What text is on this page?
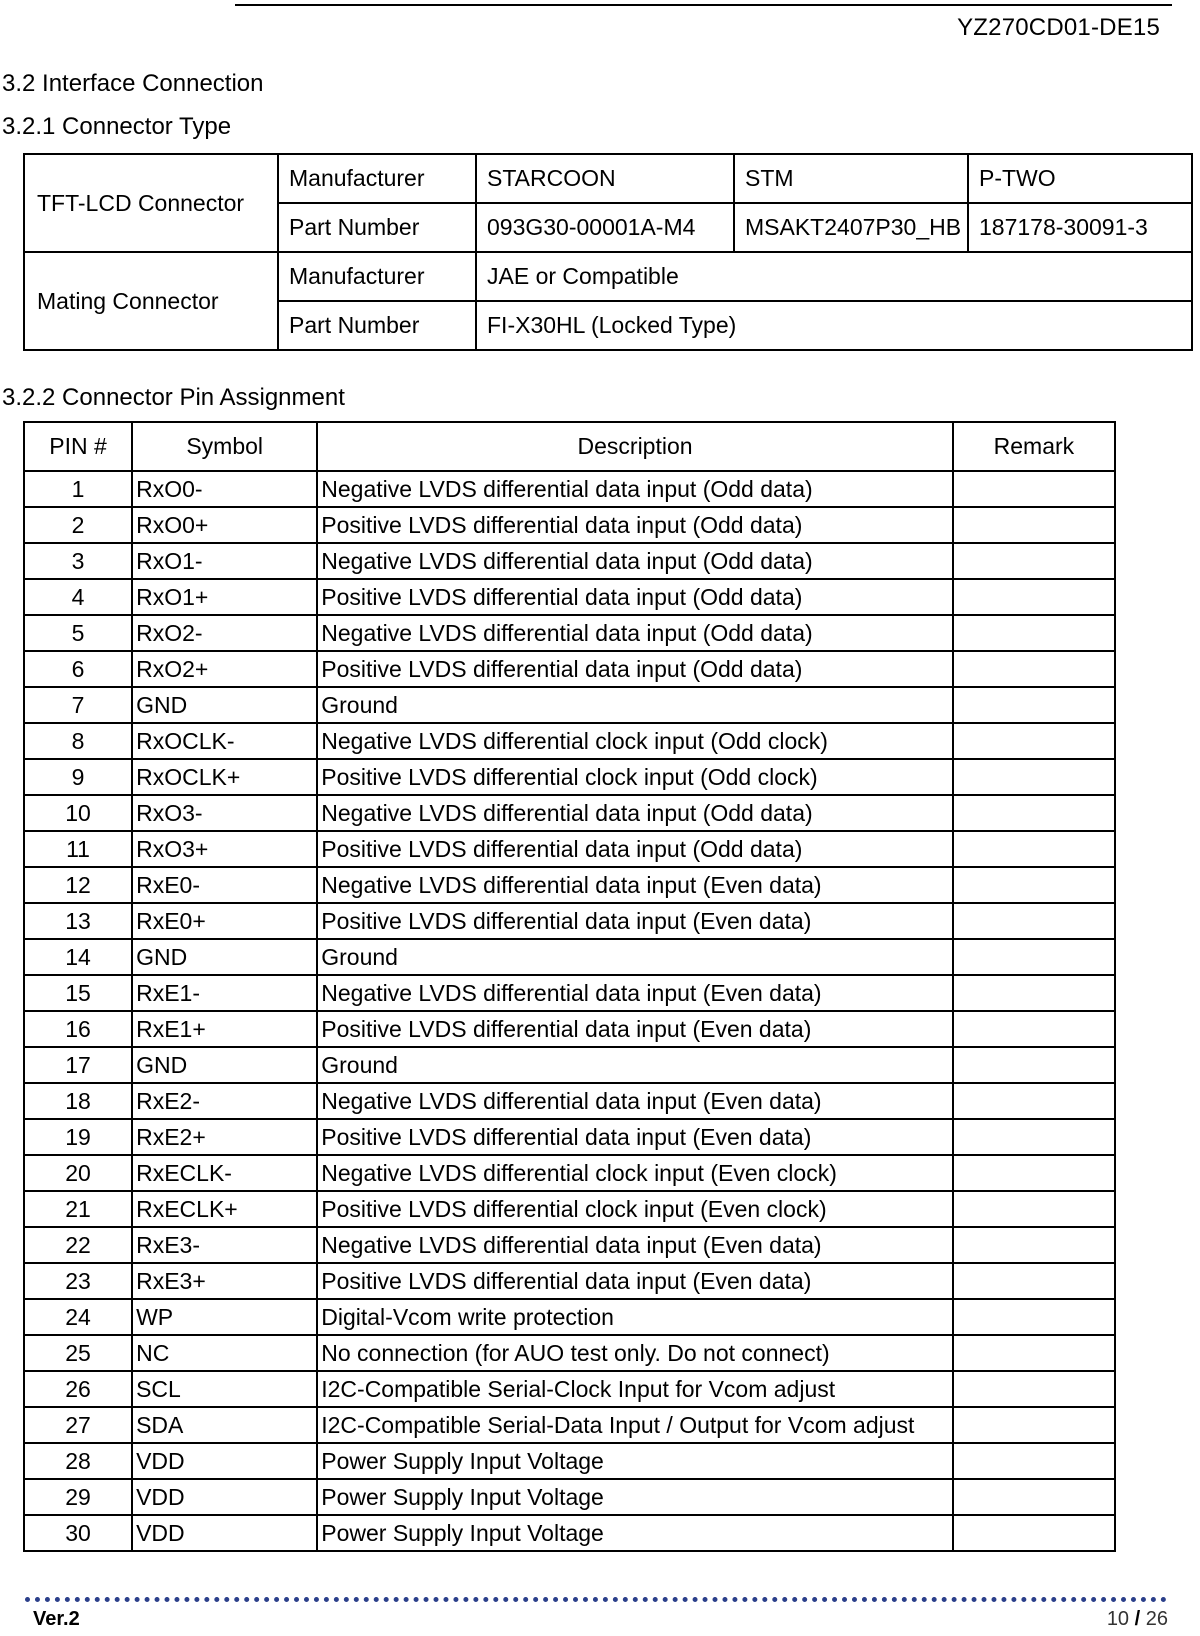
YZ270CD01-DE15
3.2 Interface Connection
3.2.1 Connector Type
TFT-LCD Connector	Manufacturer	STARCOON	STM	P-TWO
	Part Number	093G30-00001A-M4	MSAKT2407P30_HB	187178-30091-3
Mating Connector	Manufacturer	JAE or Compatible		
	Part Number	FI-X30HL (Locked Type)		
3.2.2 Connector Pin Assignment
PIN #	Symbol	Description	Remark
1	RxO0-	Negative LVDS differential data input (Odd data)	
2	RxO0+	Positive LVDS differential data input (Odd data)	
3	RxO1-	Negative LVDS differential data input (Odd data)	
4	RxO1+	Positive LVDS differential data input (Odd data)	
5	RxO2-	Negative LVDS differential data input (Odd data)	
6	RxO2+	Positive LVDS differential data input (Odd data)	
7	GND	Ground	
8	RxOCLK-	Negative LVDS differential clock input (Odd clock)	
9	RxOCLK+	Positive LVDS differential clock input (Odd clock)	
10	RxO3-	Negative LVDS differential data input (Odd data)	
11	RxO3+	Positive LVDS differential data input (Odd data)	
12	RxE0-	Negative LVDS differential data input (Even data)	
13	RxE0+	Positive LVDS differential data input (Even data)	
14	GND	Ground	
15	RxE1-	Negative LVDS differential data input (Even data)	
16	RxE1+	Positive LVDS differential data input (Even data)	
17	GND	Ground	
18	RxE2-	Negative LVDS differential data input (Even data)	
19	RxE2+	Positive LVDS differential data input (Even data)	
20	RxECLK-	Negative LVDS differential clock input (Even clock)	
21	RxECLK+	Positive LVDS differential clock input (Even clock)	
22	RxE3-	Negative LVDS differential data input (Even data)	
23	RxE3+	Positive LVDS differential data input (Even data)	
24	WP	Digital-Vcom write protection	
25	NC	No connection (for AUO test only. Do not connect)	
26	SCL	I2C-Compatible Serial-Clock Input for Vcom adjust	
27	SDA	I2C-Compatible Serial-Data Input / Output for Vcom adjust	
28	VDD	Power Supply Input Voltage	
29	VDD	Power Supply Input Voltage	
30	VDD	Power Supply Input Voltage	
Ver.2	10 / 26
